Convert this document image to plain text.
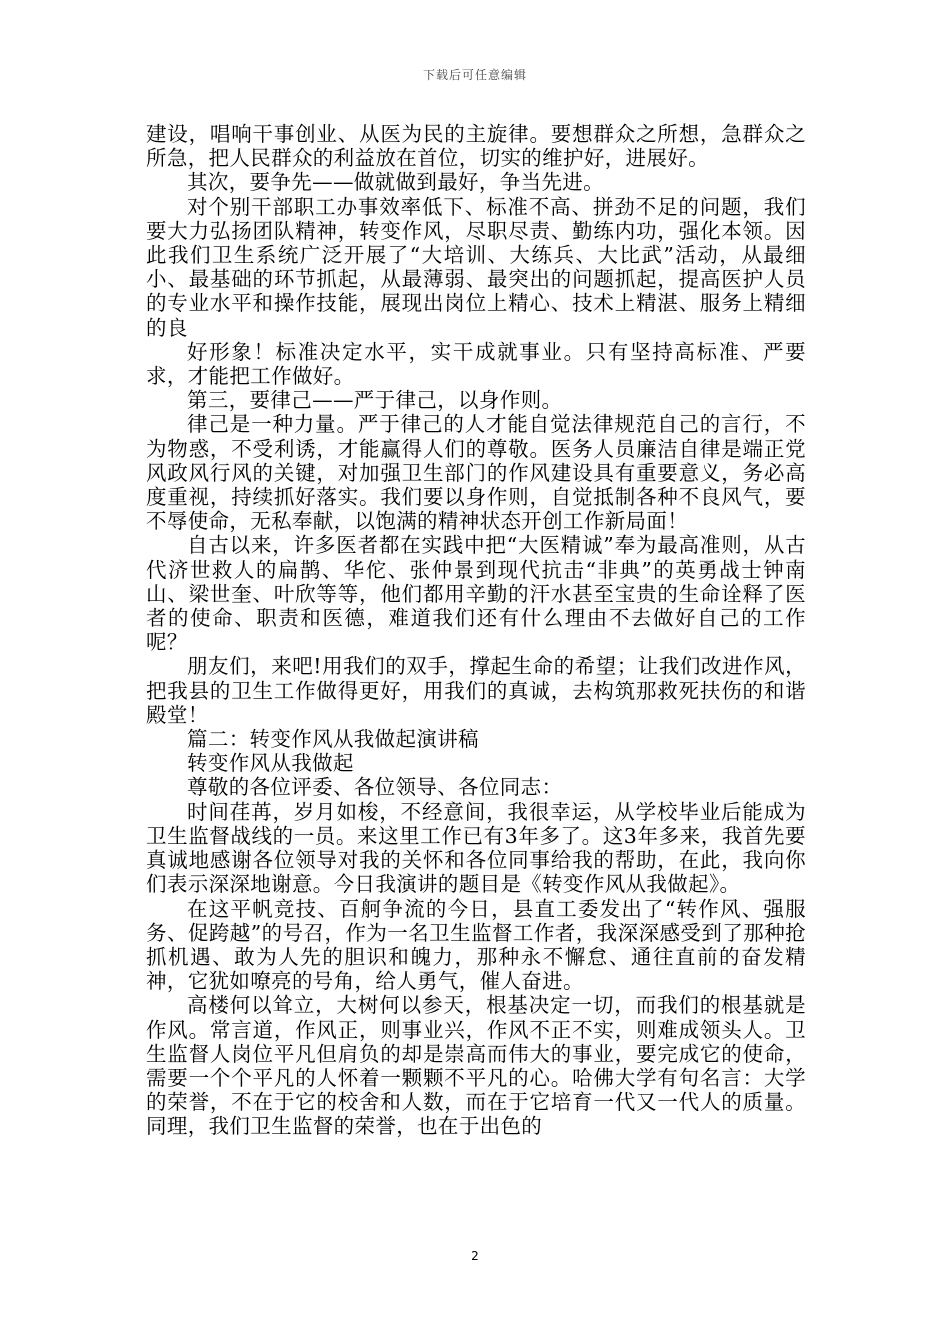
下载后可任意编辑

建设，唱响干事创业、从医为民的主旋律。要想群众之所想，急群众之所急，把人民群众的利益放在首位，切实的维护好，进展好。

其次，要争先——做就做到最好，争当先进。

对个别干部职工办事效率低下、标准不高、拼劲不足的问题，我们要大力弘扬团队精神，转变作风，尽职尽责、勤练内功，强化本领。因此我们卫生系统广泛开展了“大培训、大练兵、大比武”活动，从最细小、最基础的环节抓起，从最薄弱、最突出的问题抓起，提高医护人员的专业水平和操作技能，展现出岗位上精心、技术上精湛、服务上精细的良

好形象！标准决定水平，实干成就事业。只有坚持高标准、严要求，才能把工作做好。

第三，要律己——严于律己，以身作则。

律己是一种力量。严于律己的人才能自觉法律规范自己的言行，不为物惑，不受利诱，才能赢得人们的尊敬。医务人员廉洁自律是端正党风政风行风的关键，对加强卫生部门的作风建设具有重要意义，务必高度重视，持续抓好落实。我们要以身作则，自觉抵制各种不良风气，要不辱使命，无私奉献，以饱满的精神状态开创工作新局面！

自古以来，许多医者都在实践中把“大医精诚”奉为最高准则，从古代济世救人的扁鹊、华佗、张仲景到现代抗击“非典”的英勇战士钟南山、梁世奎、叶欣等等，他们都用辛勤的汗水甚至宝贵的生命诠释了医者的使命、职责和医德，难道我们还有什么理由不去做好自己的工作呢？

朋友们，来吧!用我们的双手，撑起生命的希望；让我们改进作风，把我县的卫生工作做得更好，用我们的真诚，去构筑那救死扶伤的和谐殿堂！

篇二：转变作风从我做起演讲稿

转变作风从我做起

尊敬的各位评委、各位领导、各位同志：

时间荏苒，岁月如梭，不经意间，我很幸运，从学校毕业后能成为卫生监督战线的一员。来这里工作已有3年多了。这3年多来，我首先要真诚地感谢各位领导对我的关怀和各位同事给我的帮助，在此，我向你们表示深深地谢意。今日我演讲的题目是《转变作风从我做起》。

在这平帆竞技、百舸争流的今日，县直工委发出了“转作风、强服务、促跨越”的号召，作为一名卫生监督工作者，我深深感受到了那种抢抓机遇、敢为人先的胆识和魄力，那种永不懈怠、通往直前的奋发精神，它犹如嘹亮的号角，给人勇气，催人奋进。

高楼何以耸立，大树何以参天，根基决定一切，而我们的根基就是作风。常言道，作风正，则事业兴，作风不正不实，则难成领头人。卫生监督人岗位平凡但肩负的却是崇高而伟大的事业，要完成它的使命，需要一个个平凡的人怀着一颗颗不平凡的心。哈佛大学有句名言：大学的荣誉，不在于它的校舍和人数，而在于它培育一代又一代人的质量。同理，我们卫生监督的荣誉，也在于出色的

2
